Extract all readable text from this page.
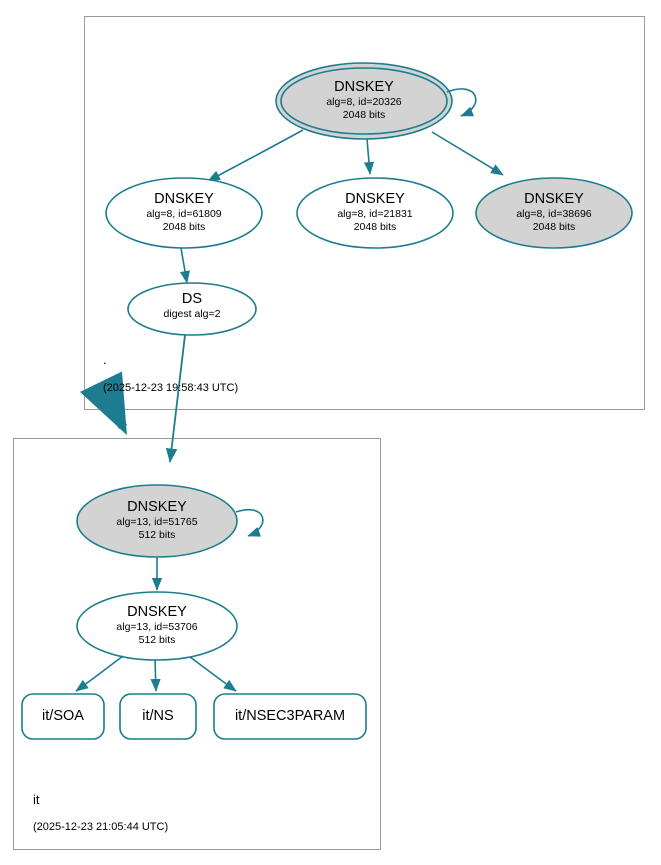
DNSKEY
alg=8, id=20326
2048 bits
DNSKEY
alg=8, id=61809
2048 bits
DNSKEY
alg=8, id=21831
2048 bits
DNSKEY
alg=8, id=38696
2048 bits
DS
digest alg=2
DNSKEY
alg=13, id=51765
512 bits
DNSKEY
alg=13, id=53706
512 bits
it/SOA	it/NS	it/NSEC3PARAM
.
(2025-12-23 19:58:43 UTC)
it
(2025-12-23 21:05:44 UTC)
